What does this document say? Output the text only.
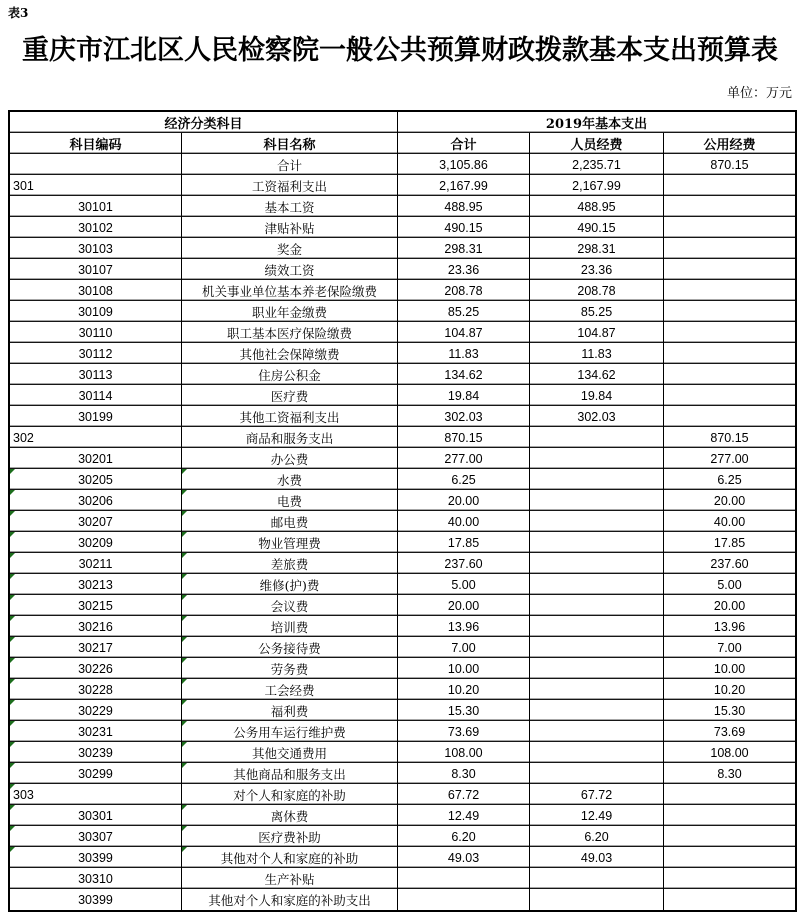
表3
重庆市江北区人民检察院一般公共预算财政拨款基本支出预算表
单位：万元
经济分类科目		2019年基本支出		
科目编码	科目名称	合计	人员经费	公用经费
	合计	3,105.86	2,235.71	870.15
301	工资福利支出	2,167.99	2,167.99	
30101	基本工资	488.95	488.95	
30102	津贴补贴	490.15	490.15	
30103	奖金	298.31	298.31	
30107	绩效工资	23.36	23.36	
30108	机关事业单位基本养老保险缴费	208.78	208.78	
30109	职业年金缴费	85.25	85.25	
30110	职工基本医疗保险缴费	104.87	104.87	
30112	其他社会保障缴费	11.83	11.83	
30113	住房公积金	134.62	134.62	
30114	医疗费	19.84	19.84	
30199	其他工资福利支出	302.03	302.03	
302	商品和服务支出	870.15		870.15
30201	办公费	277.00		277.00

30205	水费	6.25		6.25

30206	电费	20.00		20.00

30207	邮电费	40.00		40.00

30209	物业管理费	17.85		17.85

30211	差旅费	237.60		237.60

30213	维修(护)费	5.00		5.00

30215	会议费	20.00		20.00

30216	培训费	13.96		13.96

30217	公务接待费	7.00		7.00

30226	劳务费	10.00		10.00

30228	工会经费	10.20		10.20

30229	福利费	15.30		15.30

30231	公务用车运行维护费	73.69		73.69

30239	其他交通费用	108.00		108.00

30299	其他商品和服务支出	8.30		8.30

303	对个人和家庭的补助	67.72	67.72	

30301	离休费	12.49	12.49	

30307	医疗费补助	6.20	6.20	

30399	其他对个人和家庭的补助	49.03	49.03	
30310	生产补贴			
30399	其他对个人和家庭的补助支出			
